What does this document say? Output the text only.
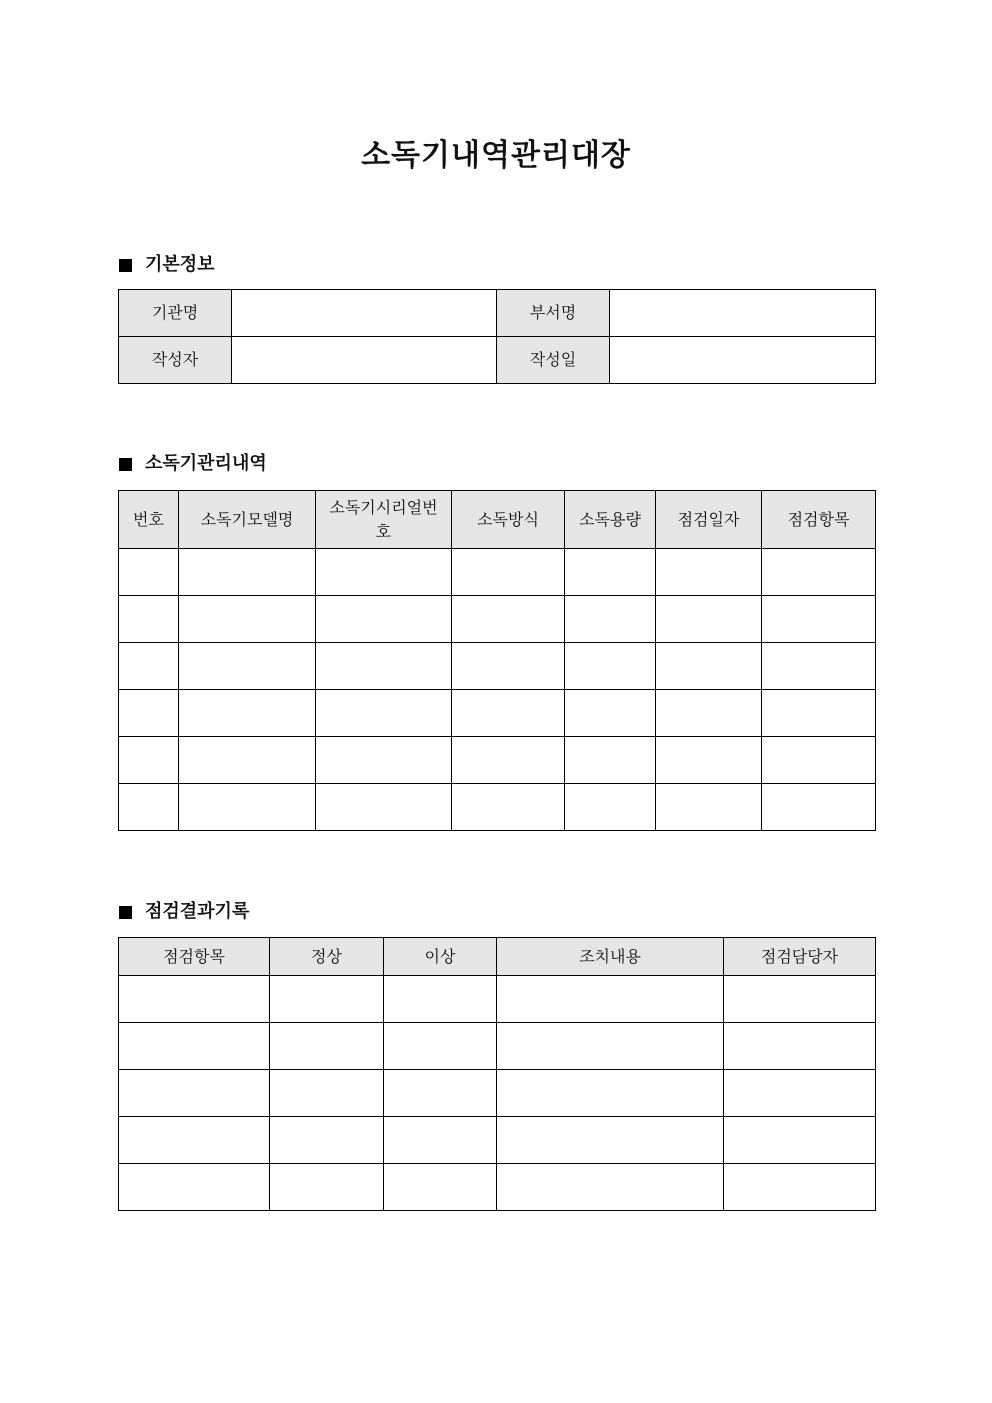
소독기내역관리대장
기본정보
기관명		부서명	
작성자		작성일	
소독기관리내역
번호	소독기모델명	소독기시리얼번호	소독방식	소독용량	점검일자	점검항목

점검결과기록
점검항목	정상	이상	조치내용	점검담당자
